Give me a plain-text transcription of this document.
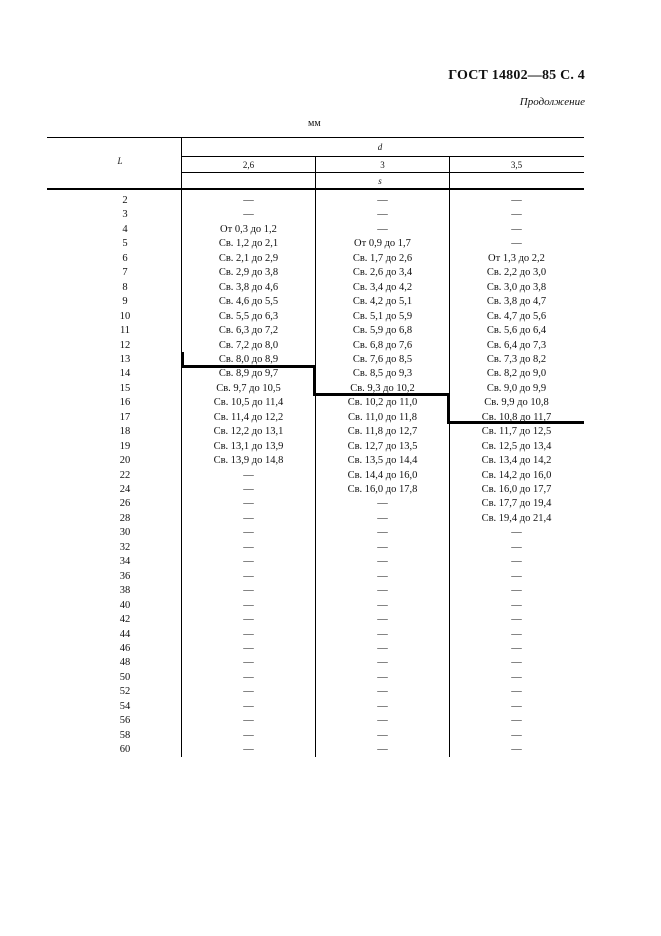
ГОСТ 14802—85 С. 4
Продолжение
мм
L
d
2,6	3	3,5
s
2	—	—	—
3	—	—	—
4	От 0,3 до 1,2	—	—
5	Св. 1,2 до 2,1	От 0,9 до 1,7	—
6	Св. 2,1 до 2,9	Св. 1,7 до 2,6	От 1,3 до 2,2
7	Св. 2,9 до 3,8	Св. 2,6 до 3,4	Св. 2,2 до 3,0
8	Св. 3,8 до 4,6	Св. 3,4 до 4,2	Св. 3,0 до 3,8
9	Св. 4,6 до 5,5	Св. 4,2 до 5,1	Св. 3,8 до 4,7
10	Св. 5,5 до 6,3	Св. 5,1 до 5,9	Св. 4,7 до 5,6
11	Св. 6,3 до 7,2	Св. 5,9 до 6,8	Св. 5,6 до 6,4
12	Св. 7,2 до 8,0	Св. 6,8 до 7,6	Св. 6,4 до 7,3
13	Св. 8,0 до 8,9	Св. 7,6 до 8,5	Св. 7,3 до 8,2
14	Св. 8,9 до 9,7	Св. 8,5 до 9,3	Св. 8,2 до 9,0
15	Св. 9,7 до 10,5	Св. 9,3 до 10,2	Св. 9,0 до 9,9
16	Св. 10,5 до 11,4	Св. 10,2 до 11,0	Св. 9,9 до 10,8
17	Св. 11,4 до 12,2	Св. 11,0 до 11,8	Св. 10,8 до 11,7
18	Св. 12,2 до 13,1	Св. 11,8 до 12,7	Св. 11,7 до 12,5
19	Св. 13,1 до 13,9	Св. 12,7 до 13,5	Св. 12,5 до 13,4
20	Св. 13,9 до 14,8	Св. 13,5 до 14,4	Св. 13,4 до 14,2
22	—	Св. 14,4 до 16,0	Св. 14,2 до 16,0
24	—	Св. 16,0 до 17,8	Св. 16,0 до 17,7
26	—	—	Св. 17,7 до 19,4
28	—	—	Св. 19,4 до 21,4
30	—	—	—
32	—	—	—
34	—	—	—
36	—	—	—
38	—	—	—
40	—	—	—
42	—	—	—
44	—	—	—
46	—	—	—
48	—	—	—
50	—	—	—
52	—	—	—
54	—	—	—
56	—	—	—
58	—	—	—
60	—	—	—
